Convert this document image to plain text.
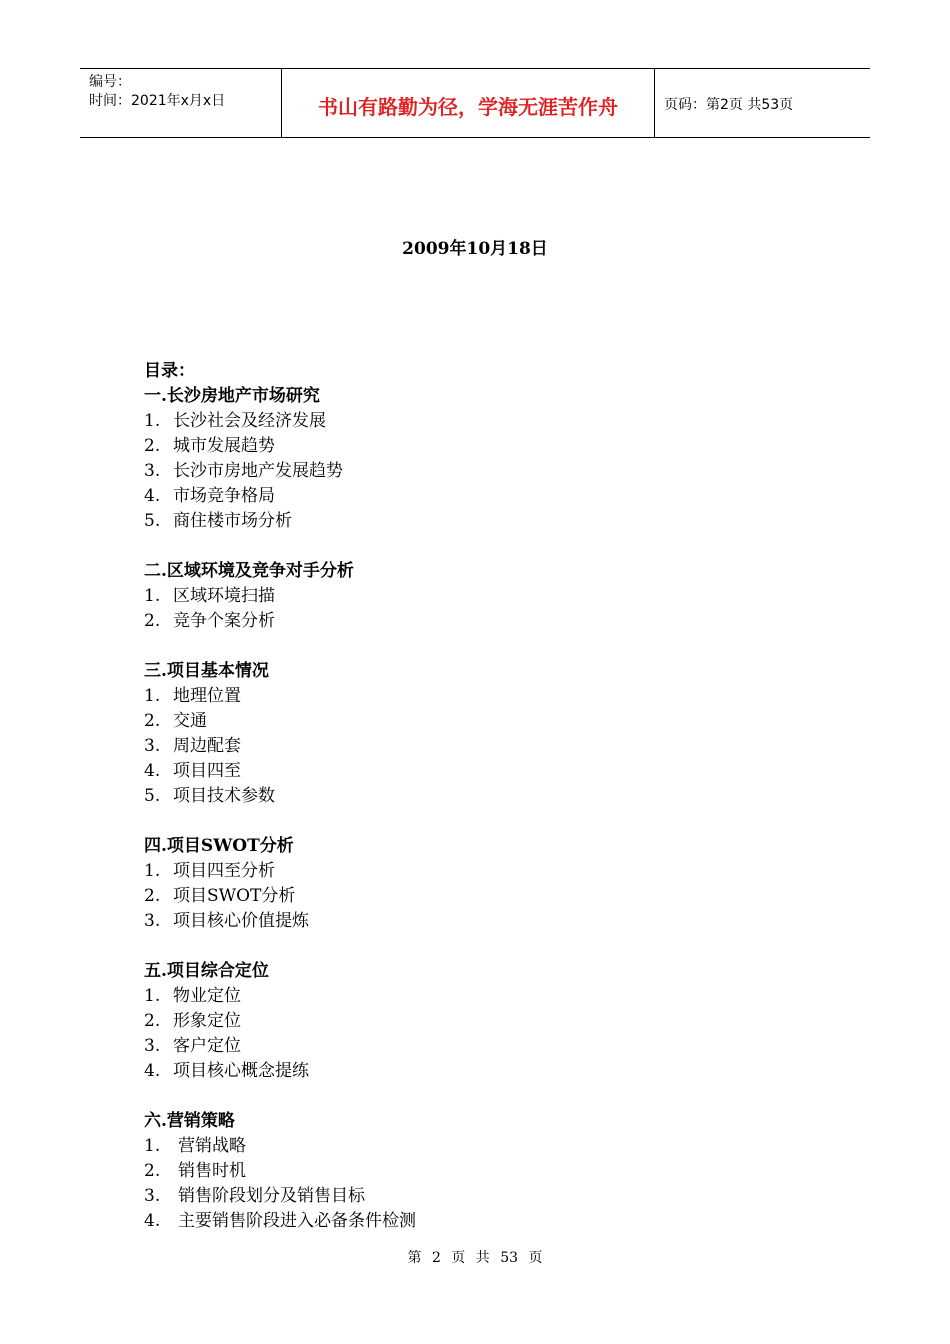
编号：
时间：2021年x月x日	书山有路勤为径，学海无涯苦作舟	页码：第2页 共53页
2009年10月18日
目录：
一.长沙房地产市场研究
1. 长沙社会及经济发展
2. 城市发展趋势
3. 长沙市房地产发展趋势
4. 市场竞争格局
5. 商住楼市场分析
二.区域环境及竞争对手分析
1. 区域环境扫描
2. 竞争个案分析
三.项目基本情况
1. 地理位置
2. 交通
3. 周边配套
4. 项目四至
5. 项目技术参数
四.项目SWOT分析
1. 项目四至分析
2. 项目SWOT分析
3. 项目核心价值提炼
五.项目综合定位
1. 物业定位
2. 形象定位
3. 客户定位
4. 项目核心概念提练
六.营销策略
1.	营销战略
2.	销售时机
3.	销售阶段划分及销售目标
4.	主要销售阶段进入必备条件检测
第 2 页 共 53 页
